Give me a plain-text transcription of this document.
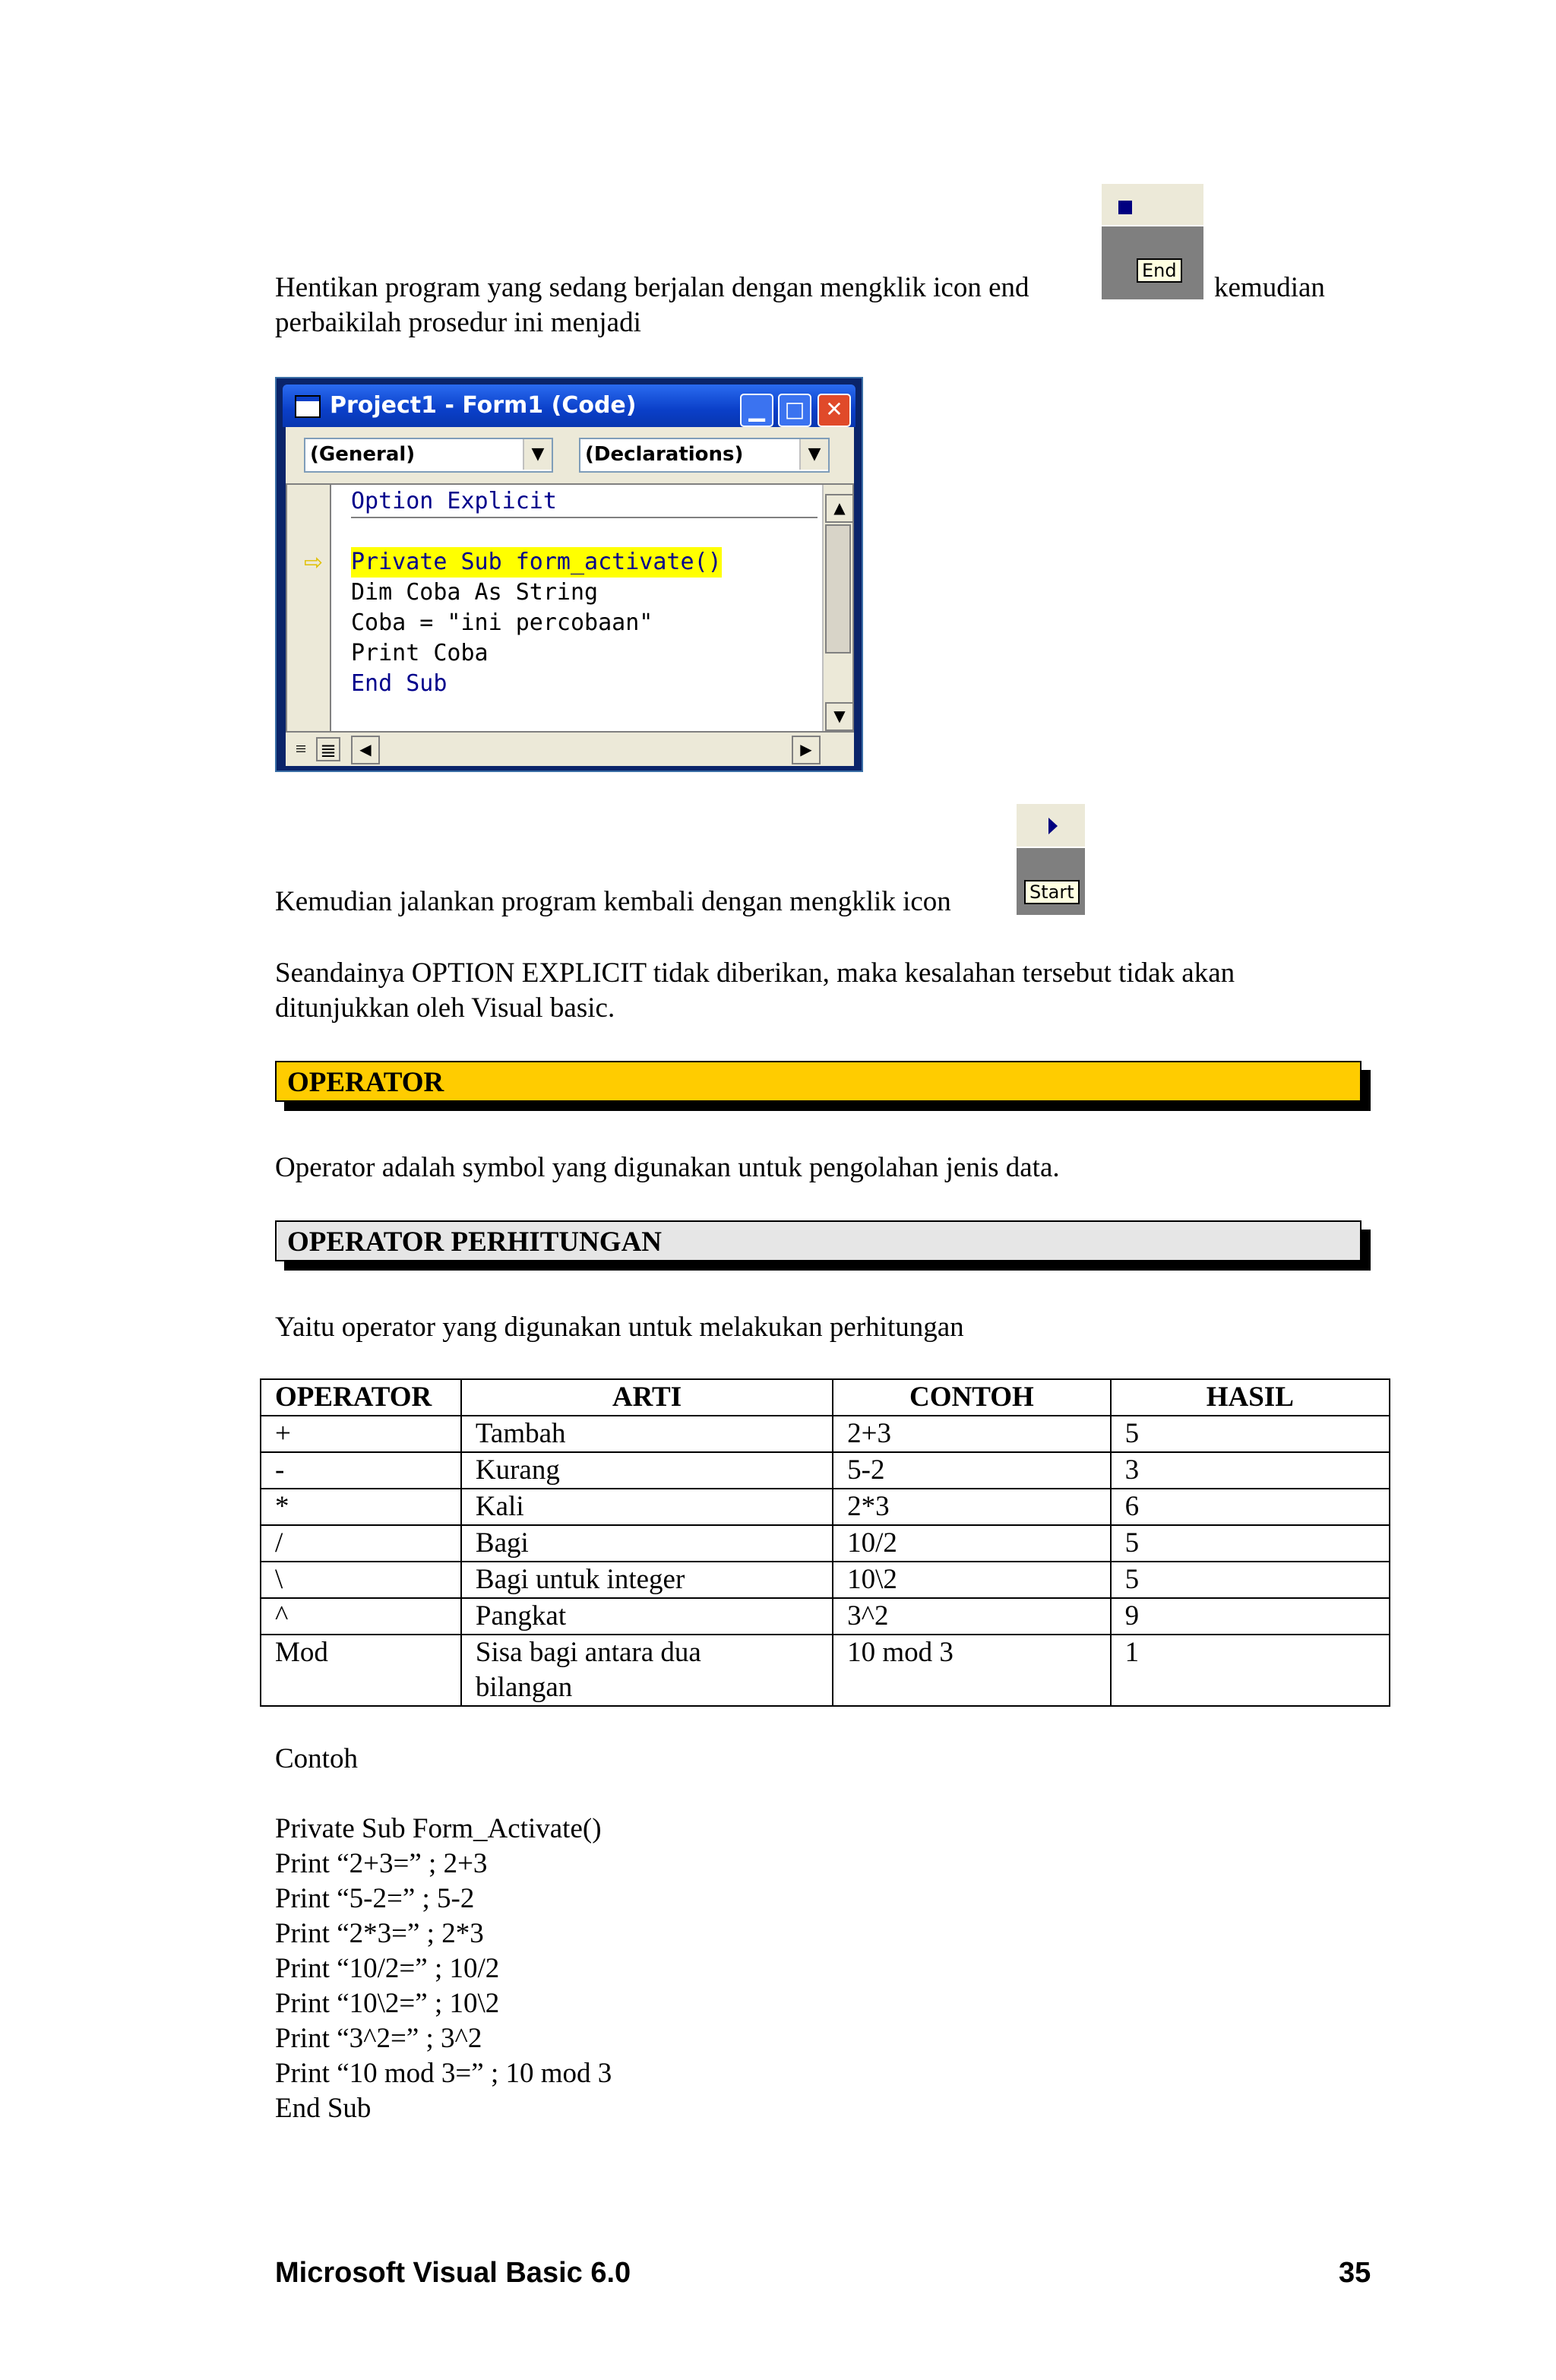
Hentikan program yang sedang berjalan dengan mengklik icon end	kemudian
perbaikilah prosedur ini menjadi
End
Project1 - Form1 (Code)	▁ □ ✕
(General)	▼	(Declarations)	▼
⇨
Option Explicit
Private Sub form_activate()
Dim Coba As String
Coba = "ini percobaan"
Print Coba
End Sub
▲
▼
≡ ≣	◀	▶
Kemudian jalankan program kembali dengan mengklik icon	Start
Seandainya OPTION EXPLICIT tidak diberikan, maka kesalahan tersebut tidak akan
ditunjukkan oleh Visual basic.
OPERATOR
Operator adalah symbol yang digunakan untuk pengolahan jenis data.
OPERATOR PERHITUNGAN
Yaitu operator yang digunakan untuk melakukan perhitungan
OPERATOR	ARTI	CONTOH	HASIL
+	Tambah	2+3	5
-	Kurang	5-2	3
*	Kali	2*3	6
/	Bagi	10/2	5
\	Bagi untuk integer	10\2	5
^	Pangkat	3^2	9
Mod	Sisa bagi antara dua bilangan	10 mod 3	1
Contoh
Private Sub Form_Activate()
Print “2+3=” ; 2+3
Print “5-2=” ; 5-2
Print “2*3=” ; 2*3
Print “10/2=” ; 10/2
Print “10\2=” ; 10\2
Print “3^2=” ; 3^2
Print “10 mod 3=” ; 10 mod 3
End Sub
Microsoft Visual Basic 6.0	35
